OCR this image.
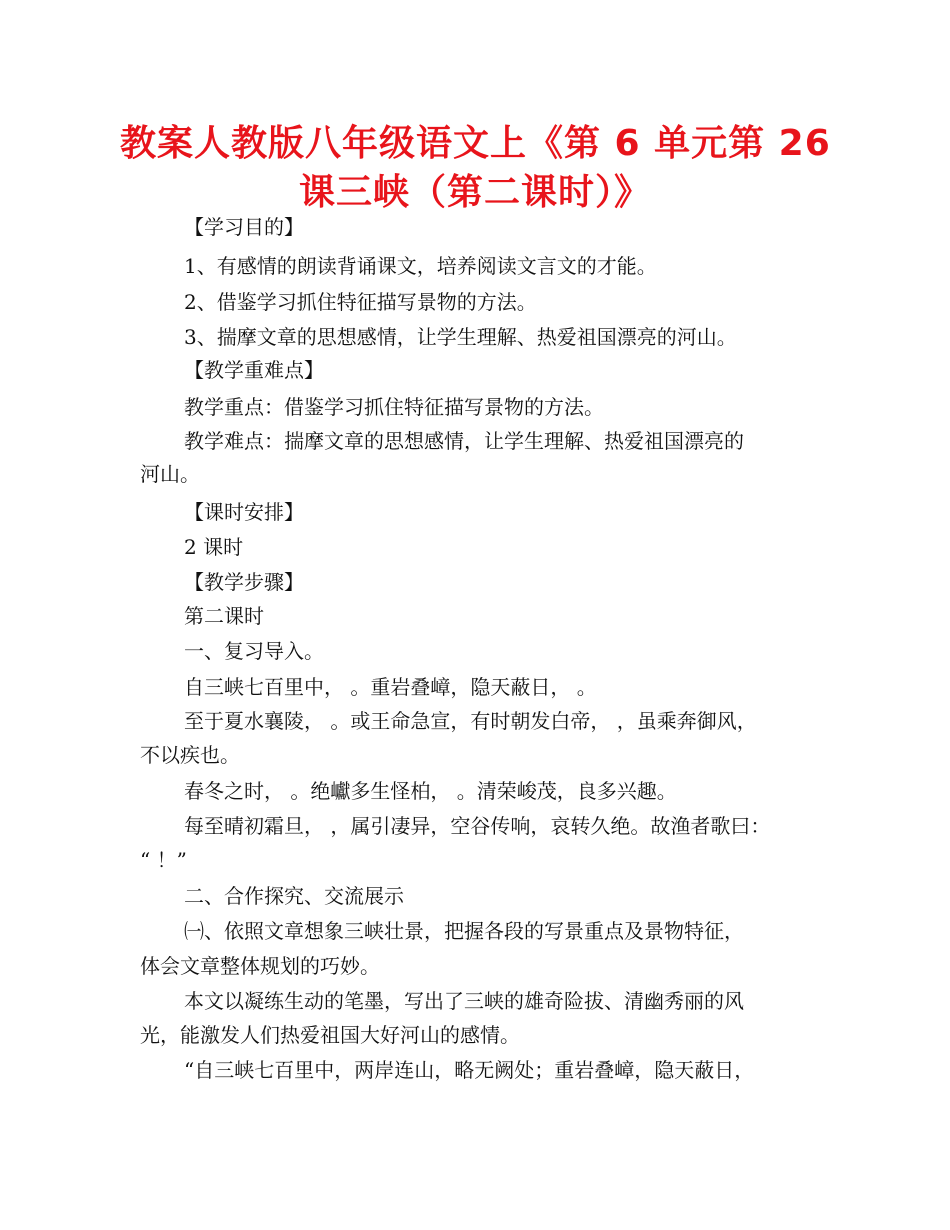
教案人教版八年级语文上《第 6 单元第 26
课三峡（第二课时）》
【学习目的】
1、有感情的朗读背诵课文，培养阅读文言文的才能。
2、借鉴学习抓住特征描写景物的方法。
3、揣摩文章的思想感情，让学生理解、热爱祖国漂亮的河山。
【教学重难点】
教学重点：借鉴学习抓住特征描写景物的方法。
教学难点：揣摩文章的思想感情，让学生理解、热爱祖国漂亮的
河山。
【课时安排】
2 课时
【教学步骤】
第二课时
一、复习导入。
自三峡七百里中， 。重岩叠嶂，隐天蔽日， 。
至于夏水襄陵， 。或王命急宣，有时朝发白帝， ，虽乘奔御风，
不以疾也。
春冬之时， 。绝巘多生怪柏， 。清荣峻茂，良多兴趣。
每至晴初霜旦， ，属引凄异，空谷传响，哀转久绝。故渔者歌曰：
“ ！”
二、合作探究、交流展示
㈠、依照文章想象三峡壮景，把握各段的写景重点及景物特征，
体会文章整体规划的巧妙。
本文以凝练生动的笔墨，写出了三峡的雄奇险拔、清幽秀丽的风
光，能激发人们热爱祖国大好河山的感情。
“自三峡七百里中，两岸连山，略无阙处；重岩叠嶂，隐天蔽日，
